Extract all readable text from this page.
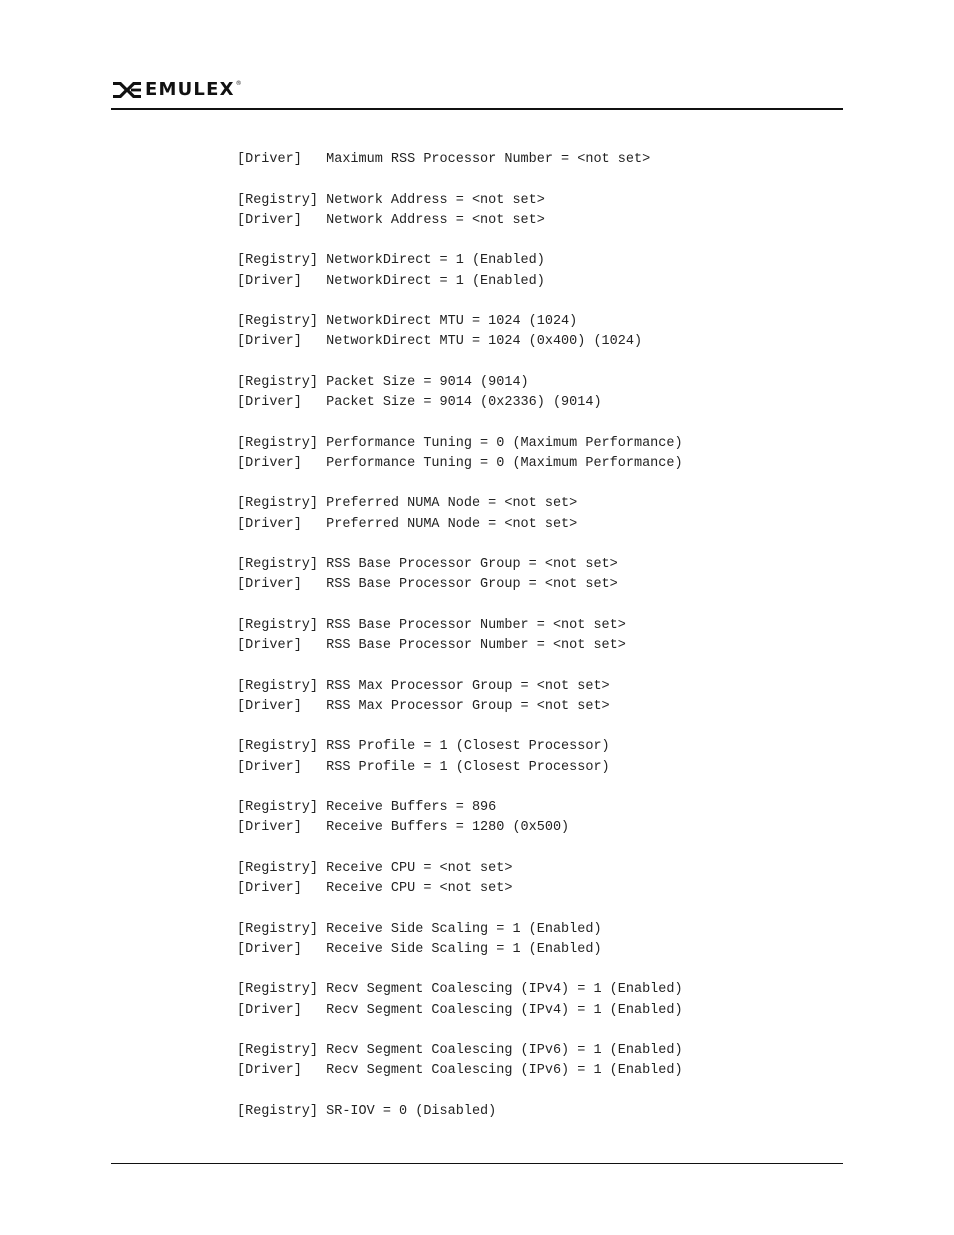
EMULEX ®
[Driver]   Maximum RSS Processor Number = <not set>
[Registry] Network Address = <not set>
[Driver]   Network Address = <not set>
[Registry] NetworkDirect = 1 (Enabled)
[Driver]   NetworkDirect = 1 (Enabled)
[Registry] NetworkDirect MTU = 1024 (1024)
[Driver]   NetworkDirect MTU = 1024 (0x400) (1024)
[Registry] Packet Size = 9014 (9014)
[Driver]   Packet Size = 9014 (0x2336) (9014)
[Registry] Performance Tuning = 0 (Maximum Performance)
[Driver]   Performance Tuning = 0 (Maximum Performance)
[Registry] Preferred NUMA Node = <not set>
[Driver]   Preferred NUMA Node = <not set>
[Registry] RSS Base Processor Group = <not set>
[Driver]   RSS Base Processor Group = <not set>
[Registry] RSS Base Processor Number = <not set>
[Driver]   RSS Base Processor Number = <not set>
[Registry] RSS Max Processor Group = <not set>
[Driver]   RSS Max Processor Group = <not set>
[Registry] RSS Profile = 1 (Closest Processor)
[Driver]   RSS Profile = 1 (Closest Processor)
[Registry] Receive Buffers = 896
[Driver]   Receive Buffers = 1280 (0x500)
[Registry] Receive CPU = <not set>
[Driver]   Receive CPU = <not set>
[Registry] Receive Side Scaling = 1 (Enabled)
[Driver]   Receive Side Scaling = 1 (Enabled)
[Registry] Recv Segment Coalescing (IPv4) = 1 (Enabled)
[Driver]   Recv Segment Coalescing (IPv4) = 1 (Enabled)
[Registry] Recv Segment Coalescing (IPv6) = 1 (Enabled)
[Driver]   Recv Segment Coalescing (IPv6) = 1 (Enabled)
[Registry] SR-IOV = 0 (Disabled)
